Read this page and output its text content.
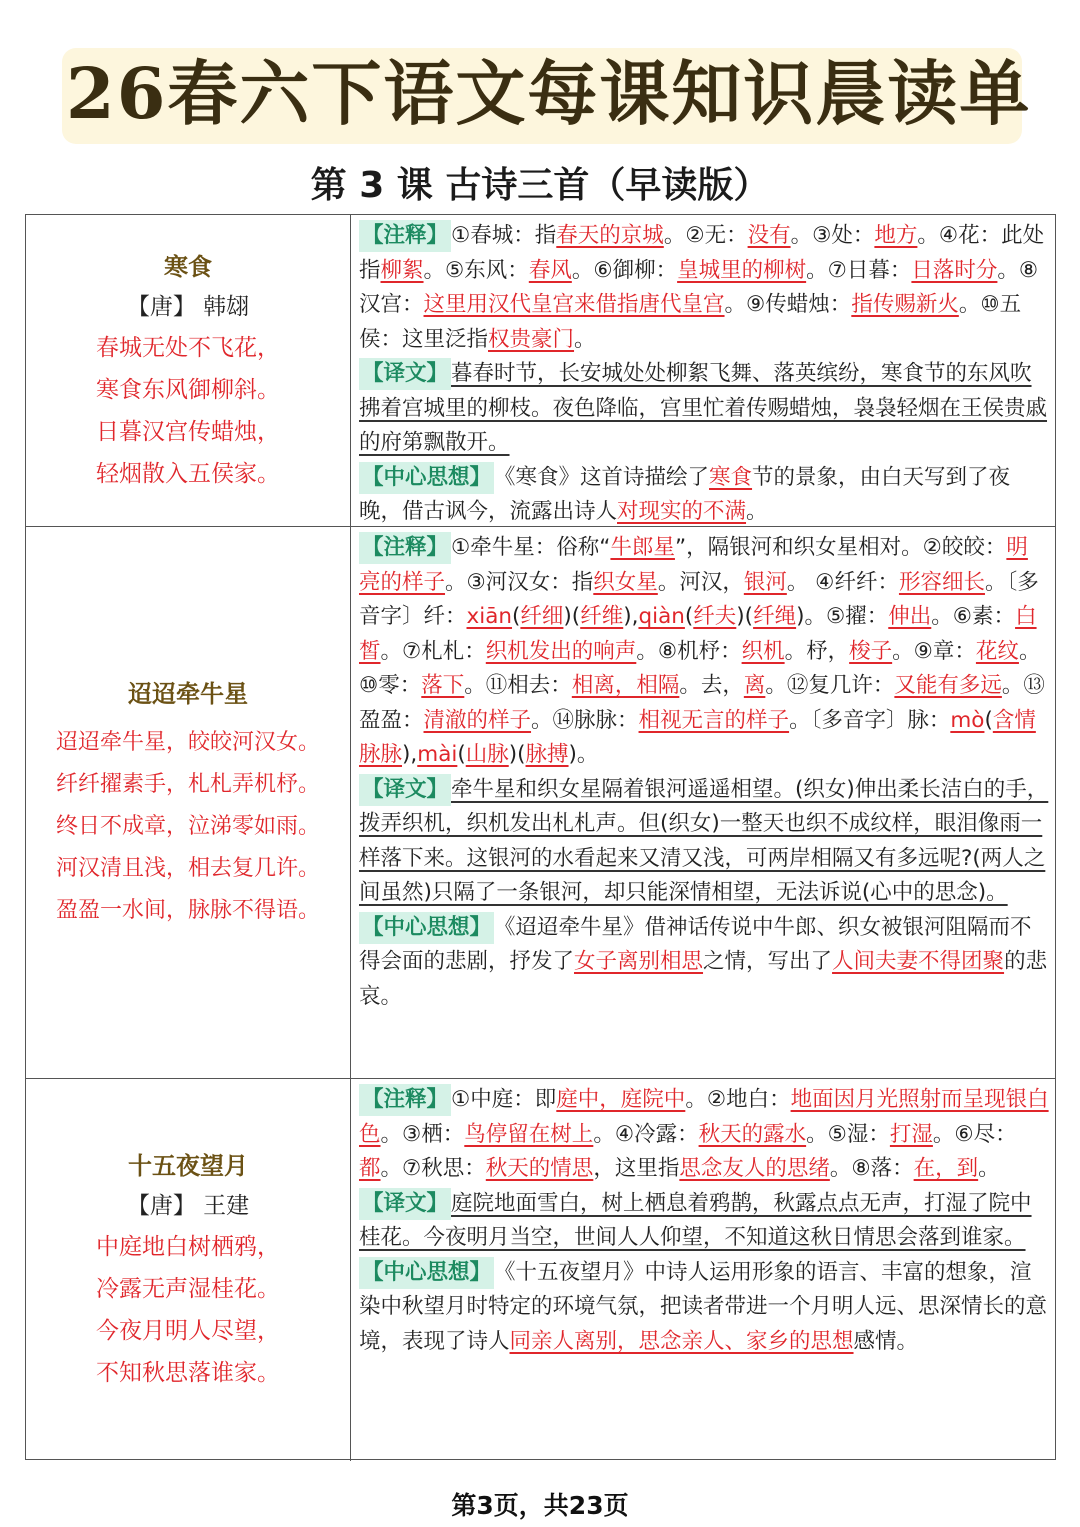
26春六下语文每课知识晨读单
第 3 课 古诗三首（早读版）
寒食
【唐】 韩翃
春城无处不飞花，
寒食东风御柳斜。
日暮汉宫传蜡烛，
轻烟散入五侯家。
【注释】 ①春城：指春天的京城。②无：没有。③处：地方。④花：此处指柳絮。⑤东风：春风。⑥御柳：皇城里的柳树。⑦日暮：日落时分。⑧汉宫：这里用汉代皇宫来借指唐代皇宫。⑨传蜡烛：指传赐新火。⑩五侯：这里泛指权贵豪门。
【译文】 暮春时节，长安城处处柳絮飞舞、落英缤纷，寒食节的东风吹拂着宫城里的柳枝。夜色降临，宫里忙着传赐蜡烛，袅袅轻烟在王侯贵戚的府第飘散开。
【中心思想】 《寒食》这首诗描绘了寒食节的景象，由白天写到了夜晚，借古讽今，流露出诗人对现实的不满。
迢迢牵牛星
迢迢牵牛星，皎皎河汉女。
纤纤擢素手，札札弄机杼。
终日不成章，泣涕零如雨。
河汉清且浅，相去复几许。
盈盈一水间，脉脉不得语。
【注释】 ①牵牛星：俗称“牛郎星”，隔银河和织女星相对。②皎皎：明亮的样子。③河汉女：指织女星。河汉，银河。 ④纤纤：形容细长。〔多音字〕纤：xiān(纤细)(纤维),qiàn(纤夫)(纤绳)。⑤擢：伸出。⑥素：白皙。⑦札札：织机发出的响声。⑧机杼：织机。杼，梭子。⑨章：花纹。⑩零：落下。⑪相去：相离，相隔。去，离。⑫复几许：又能有多远。⑬盈盈：清澈的样子。⑭脉脉：相视无言的样子。〔多音字〕脉：mò(含情脉脉),mài(山脉)(脉搏)。
【译文】 牵牛星和织女星隔着银河遥遥相望。(织女)伸出柔长洁白的手，拨弄织机，织机发出札札声。但(织女)一整天也织不成纹样，眼泪像雨一样落下来。这银河的水看起来又清又浅，可两岸相隔又有多远呢?(两人之间虽然)只隔了一条银河，却只能深情相望，无法诉说(心中的思念)。
【中心思想】 《迢迢牵牛星》借神话传说中牛郎、织女被银河阻隔而不得会面的悲剧，抒发了女子离别相思之情，写出了人间夫妻不得团聚的悲哀。
十五夜望月
【唐】 王建
中庭地白树栖鸦，
冷露无声湿桂花。
今夜月明人尽望，
不知秋思落谁家。
【注释】 ①中庭：即庭中，庭院中。②地白：地面因月光照射而呈现银白色。③栖：鸟停留在树上。④冷露：秋天的露水。⑤湿：打湿。⑥尽：都。⑦秋思：秋天的情思，这里指思念友人的思绪。⑧落：在，到。
【译文】 庭院地面雪白，树上栖息着鸦鹊，秋露点点无声，打湿了院中桂花。今夜明月当空，世间人人仰望，不知道这秋日情思会落到谁家。
【中心思想】 《十五夜望月》中诗人运用形象的语言、丰富的想象，渲染中秋望月时特定的环境气氛，把读者带进一个月明人远、思深情长的意境，表现了诗人同亲人离别，思念亲人、家乡的思想感情。
第3页，共23页
